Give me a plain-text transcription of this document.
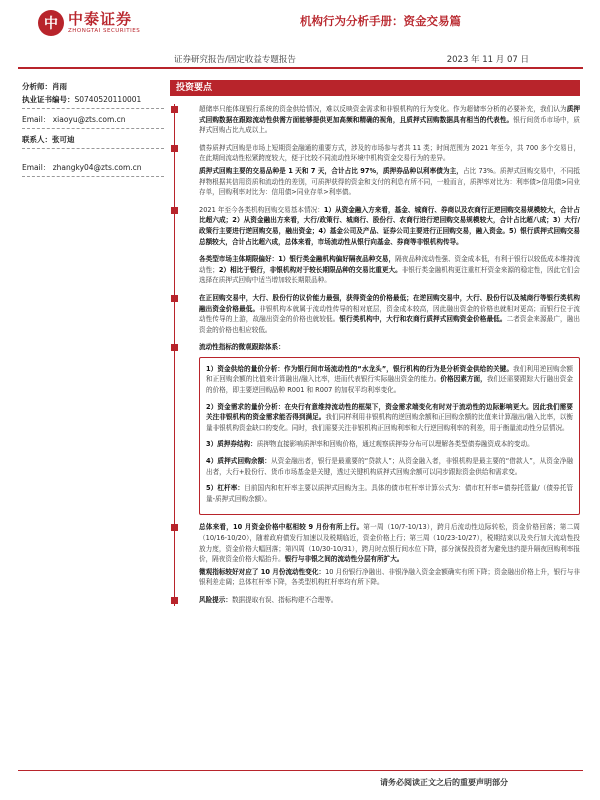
中 中泰证券
ZHONGTAI SECURITIES
机构行为分析手册：资金交易篇
证券研究报告/固定收益专题报告	2023 年 11 月 07 日
分析师：肖雨
执业证书编号：S0740520110001
Email： xiaoyu@zts.com.cn
联系人：张可迪
Email： zhangky04@zts.com.cn
投资要点
超储率只能体现银行系统的资金供给情况，难以反映资金需求和非银机构的行为变化。作为超储率分析的必要补充，我们认为质押式回购数据在跟踪流动性供需方面能够提供更加高频和精确的视角，且质押式回购数据具有相当的代表性。银行间货币市场中，质押式回购占比九成以上。
债券质押式回购是市场上短期资金融通的重要方式，涉及的市场参与者共 11 类；时间范围为 2021 年至今，共 700 多个交易日，在此期间流动性松紧跨度较大，便于比较不同流动性环境中机构资金交易行为的差异。
质押式回购主要的交易品种是 1 天和 7 天，合计占比 97%，质押券品种以利率债为主，占比 73%。质押式回购交易中，不同抵押物根据其信用资质和流动性的差别，可质押获得的资金和支付的利息有所不同，一般而言，质押率对比为：利率债>信用债>同业存单，回购利率对比为：信用债>同业存单>利率债。
2021 年至今各类机构回购交易基本情况：1）从资金融入方来看，基金、城商行、券商以及农商行正逆回购交易规模较大，合计占比超六成；2）从资金融出方来看，大行/政策行、城商行、股份行、农商行进行逆回购交易规模较大，合计占比超八成；3）大行/政策行主要进行逆回购交易，融出资金；4）基金公司及产品、证券公司主要进行正回购交易，融入资金。5）银行质押式回购交易总额较大，合计占比超六成，总体来看，市场流动性从银行向基金、券商等非银机构传导。
各类型市场主体期限偏好：1）银行类金融机构偏好隔夜品种交易，隔夜品种流动性强、资金成本低，有利于银行以较低成本维持流动性；2）相比于银行，非银机构对于较长期限品种的交易比重更大。非银行类金融机构更注重杠杆资金来源的稳定性，因此它们会选择在质押式回购中适当增加较长期限品种。
在正回购交易中，大行、股份行的议价能力最强，获得资金的价格最低；在逆回购交易中，大行、股份行以及城商行等银行类机构融出资金价格最低。非银机构本就属于流动性传导的相对底层，资金成本较高，因此融出资金的价格也就相对更高；而银行位于流动性传导的上游，故融出资金的价格也就较低。银行类机构中，大行和农商行质押式回购资金价格最低。二者资金来源最广，融出资金的价格也相应较低。
流动性指标的微观跟踪体系：
1）资金供给的量价分析：作为银行间市场流动性的“水龙头”，银行机构的行为是分析资金供给的关键。我们利用逆回购余额和正回购余额的比值来计算融出/融入比率，进而代表银行实际融出资金的能力。价格因素方面，我们还需要跟踪大行融出资金的价格，即主要逆回购品种 R001 和 R007 的加权平均利率变化。
2）资金需求的量价分析：在央行有意维持流动性的框架下，资金需求端变化有时对于流动性的边际影响更大。因此我们需要关注非银机构的资金需求能否得到满足。我们同样利用非银机构的逆回购余额和正回购余额的比值来计算融出/融入比率，以衡量非银机构资金缺口的变化。同时，我们需要关注非银机构正回购利率和大行逆回购利率的利差，用于衡量流动性分层情况。
3）质押券结构：质押物直接影响质押率和回购价格，通过观察质押券分布可以理解各类型债券融资成本的变动。
4）质押式回购余额：从资金融出者，银行是最重要的“贷款人”；从资金融入者，非银机构是最主要的“借款人”，从资金净融出者，大行+股份行、货币市场基金是关键，透过关键机构质押式回购余额可以同步跟踪资金供给和需求变。
5）杠杆率：目前国内和杠杆率主要以质押式回购为主。具体的债市杠杆率计算公式为：债市杠杆率=债券托管量/（债券托管量-质押式回购余额）。
总体来看，10 月资金价格中枢相较 9 月份有所上行。第一周（10/7-10/13），跨月后流动性边际转松，资金价格回落；第二周（10/16-10/20），随着政府债发行加速以及税期临近，资金价格上行；第三周（10/23-10/27），税期结束以及央行加大流动性投放力度，资金价格大幅回落；第四周（10/30-10/31），跨月时点银行间水位下降，部分演保投资者为避免违约提升隔夜回购利率报价，隔夜资金价格大幅抬升。银行与非银之间的流动性分层有所扩大。
微观指标较好对应了 10 月份流动性变化：10 月份银行净融出、非银净融入资金金额确实有所下降；资金融出价格上升，银行与非银利差走阔；总体杠杆率下降，各类型机构杠杆率均有所下降。
风险提示：数据提取有误、指标构建不合理等。
请务必阅读正文之后的重要声明部分
